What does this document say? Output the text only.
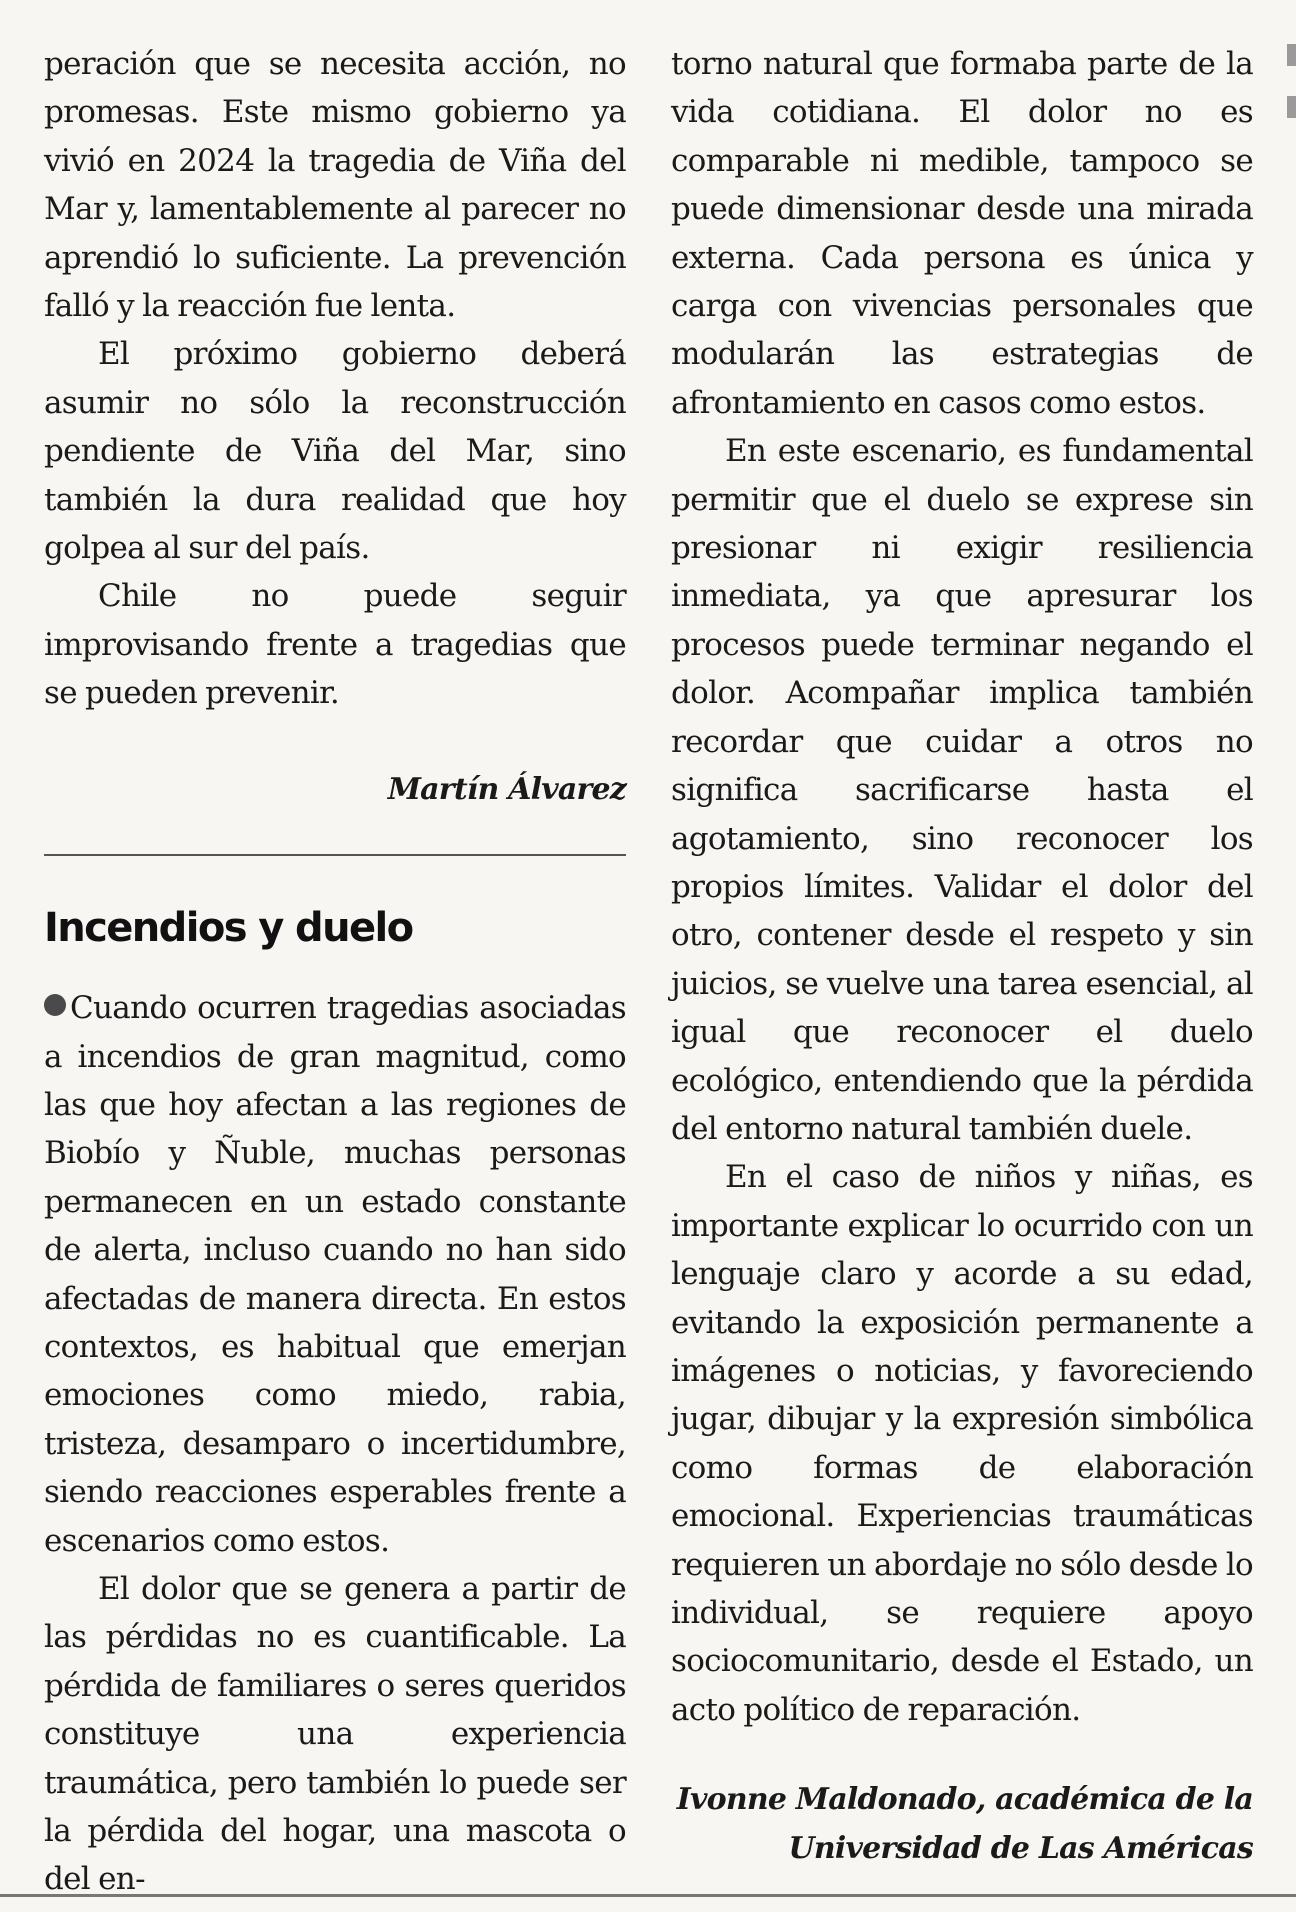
peración que se necesita acción, no promesas. Este mismo gobierno ya vivió en 2024 la tragedia de Viña del Mar y, lamentablemente al parecer no aprendió lo suficiente. La prevención falló y la reacción fue lenta.

El próximo gobierno deberá asumir no sólo la reconstrucción pendiente de Viña del Mar, sino también la dura realidad que hoy golpea al sur del país.

Chile no puede seguir improvisando frente a tragedias que se pueden prevenir.

Martín Álvarez

Incendios y duelo

Cuando ocurren tragedias asociadas a incendios de gran magnitud, como las que hoy afectan a las regiones de Biobío y Ñuble, muchas personas permanecen en un estado constante de alerta, incluso cuando no han sido afectadas de manera directa. En estos contextos, es habitual que emerjan emociones como miedo, rabia, tristeza, desamparo o incertidumbre, siendo reacciones esperables frente a escenarios como estos.

El dolor que se genera a partir de las pérdidas no es cuantificable. La pérdida de familiares o seres queridos constituye una experiencia traumática, pero también lo puede ser la pérdida del hogar, una mascota o del en-

torno natural que formaba parte de la vida cotidiana. El dolor no es comparable ni medible, tampoco se puede dimensionar desde una mirada externa. Cada persona es única y carga con vivencias personales que modularán las estrategias de afrontamiento en casos como estos.

En este escenario, es fundamental permitir que el duelo se exprese sin presionar ni exigir resiliencia inmediata, ya que apresurar los procesos puede terminar negando el dolor. Acompañar implica también recordar que cuidar a otros no significa sacrificarse hasta el agotamiento, sino reconocer los propios límites. Validar el dolor del otro, contener desde el respeto y sin juicios, se vuelve una tarea esencial, al igual que reconocer el duelo ecológico, entendiendo que la pérdida del entorno natural también duele.

En el caso de niños y niñas, es importante explicar lo ocurrido con un lenguaje claro y acorde a su edad, evitando la exposición permanente a imágenes o noticias, y favoreciendo jugar, dibujar y la expresión simbólica como formas de elaboración emocional. Experiencias traumáticas requieren un abordaje no sólo desde lo individual, se requiere apoyo sociocomunitario, desde el Estado, un acto político de reparación.

Ivonne Maldonado, académica de la

Universidad de Las Américas
